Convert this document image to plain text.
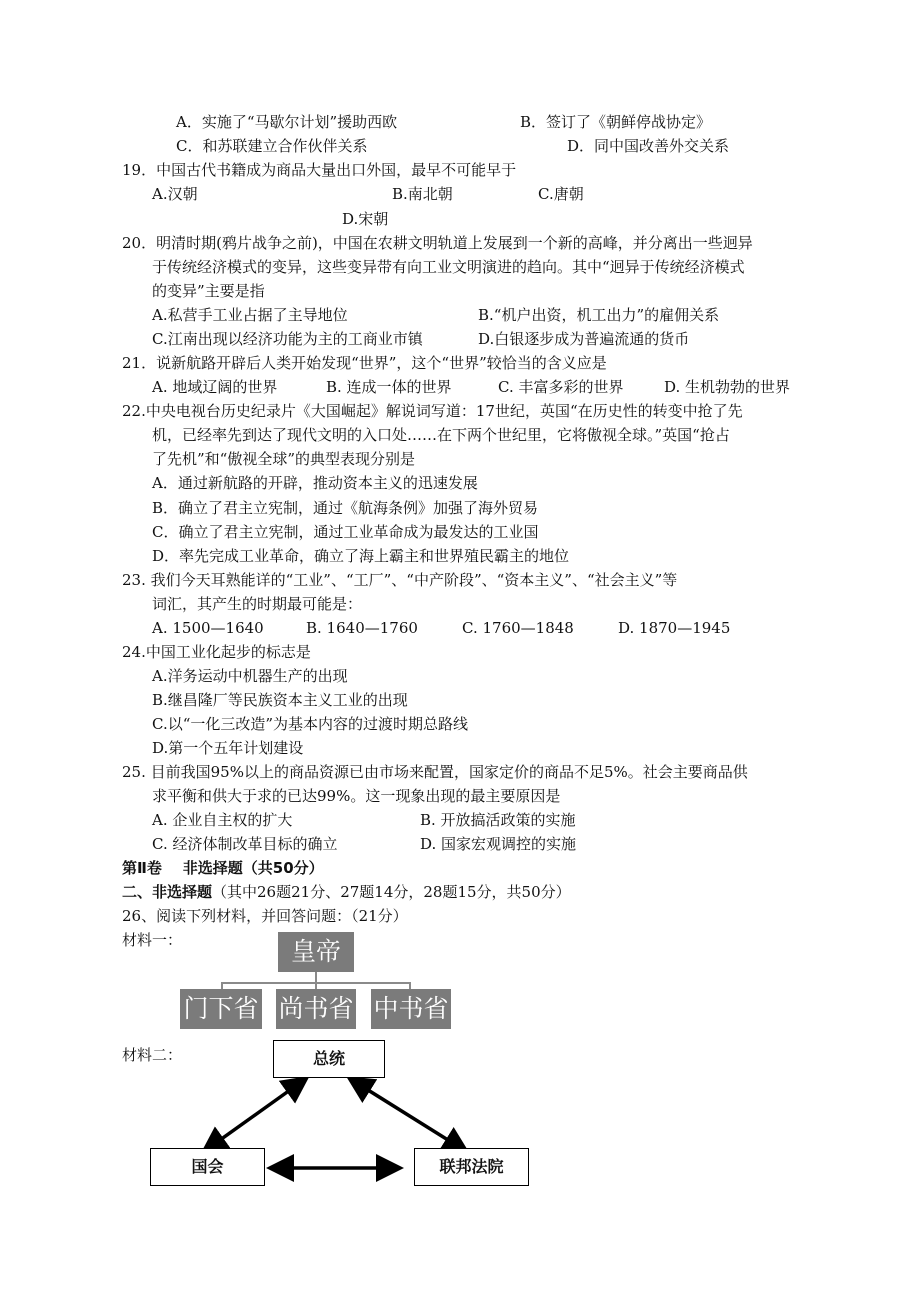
A．实施了“马歇尔计划”援助西欧	B．签订了《朝鲜停战协定》
C．和苏联建立合作伙伴关系	D．同中国改善外交关系
19．中国古代书籍成为商品大量出口外国，最早不可能早于
A.汉朝	B.南北朝	C.唐朝
D.宋朝
20．明清时期(鸦片战争之前)，中国在农耕文明轨道上发展到一个新的高峰，并分离出一些迥异
于传统经济模式的变异，这些变异带有向工业文明演进的趋向。其中“迥异于传统经济模式
的变异”主要是指
A.私营手工业占据了主导地位	B.“机户出资，机工出力”的雇佣关系
C.江南出现以经济功能为主的工商业市镇	D.白银逐步成为普遍流通的货币
21．说新航路开辟后人类开始发现“世界”，这个“世界”较恰当的含义应是
A. 地域辽阔的世界	B. 连成一体的世界	C. 丰富多彩的世界	D. 生机勃勃的世界
22.中央电视台历史纪录片《大国崛起》解说词写道：17世纪，英国“在历史性的转变中抢了先
机，已经率先到达了现代文明的入口处……在下两个世纪里，它将傲视全球。”英国“抢占
了先机”和“傲视全球”的典型表现分别是
A．通过新航路的开辟，推动资本主义的迅速发展
B．确立了君主立宪制，通过《航海条例》加强了海外贸易
C．确立了君主立宪制，通过工业革命成为最发达的工业国
D．率先完成工业革命，确立了海上霸主和世界殖民霸主的地位
23. 我们今天耳熟能详的“工业”、“工厂”、“中产阶段”、“资本主义”、“社会主义”等
词汇，其产生的时期最可能是：
A. 1500—1640	B. 1640—1760	C. 1760—1848	D. 1870—1945
24.中国工业化起步的标志是
A.洋务运动中机器生产的出现
B.继昌隆厂等民族资本主义工业的出现
C.以“一化三改造”为基本内容的过渡时期总路线
D.第一个五年计划建设
25. 目前我国95%以上的商品资源已由市场来配置，国家定价的商品不足5%。社会主要商品供
求平衡和供大于求的已达99%。这一现象出现的最主要原因是
A. 企业自主权的扩大	B. 开放搞活政策的实施
C. 经济体制改革目标的确立	D. 国家宏观调控的实施
第Ⅱ卷    非选择题（共50分）
二、非选择题（其中26题21分、27题14分，28题15分，共50分）
26、阅读下列材料，并回答问题：（21分）
材料一：	皇帝
门下省 尚书省 中书省
材料二：	总统
国会	联邦法院
